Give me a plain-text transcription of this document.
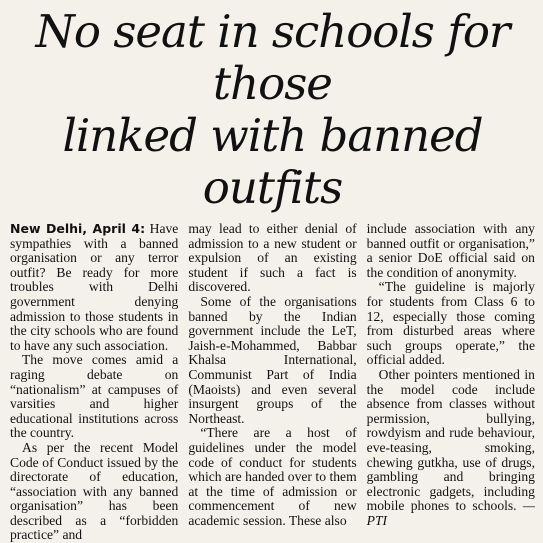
No seat in schools for those
linked with banned outfits

New Delhi, April 4: Have sympathies with a banned organisation or any terror outfit? Be ready for more troubles with Delhi government denying admission to those students in the city schools who are found to have any such association.

The move comes amid a raging debate on “nationalism” at campuses of varsities and higher educational institutions across the country.

As per the recent Model Code of Conduct issued by the directorate of education, “association with any banned organisation” has been described as a “forbidden practice” and

may lead to either denial of admission to a new student or expulsion of an existing student if such a fact is discovered.

Some of the organisations banned by the Indian government include the LeT, Jaish-e-Mohammed, Babbar Khalsa International, Communist Part of India (Maoists) and even several insurgent groups of the Northeast.

“There are a host of guidelines under the model code of conduct for students which are handed over to them at the time of admission or commencement of new academic session. These also

include association with any banned outfit or organisation,” a senior DoE official said on the condition of anonymity.

“The guideline is majorly for students from Class 6 to 12, especially those coming from disturbed areas where such groups operate,” the official added.

Other pointers mentioned in the model code include absence from classes without permission, bullying, rowdyism and rude behaviour, eve-teasing, smoking, chewing gutkha, use of drugs, gambling and bringing electronic gadgets, including mobile phones to schools. — PTI
